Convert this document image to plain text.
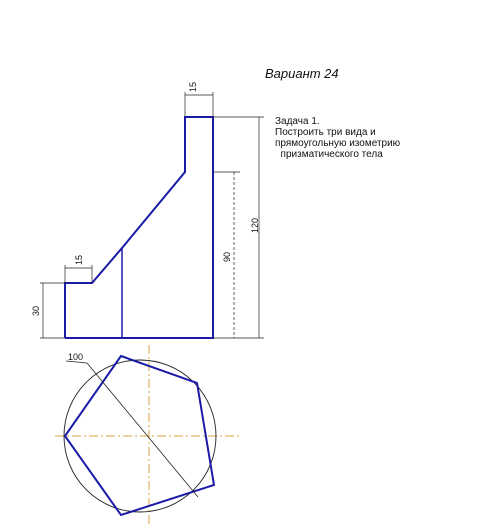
15
15
30
90
120
100
Вариант 24
Задача 1.
Построить три вида и
прямоугольную изометрию
призматического тела
